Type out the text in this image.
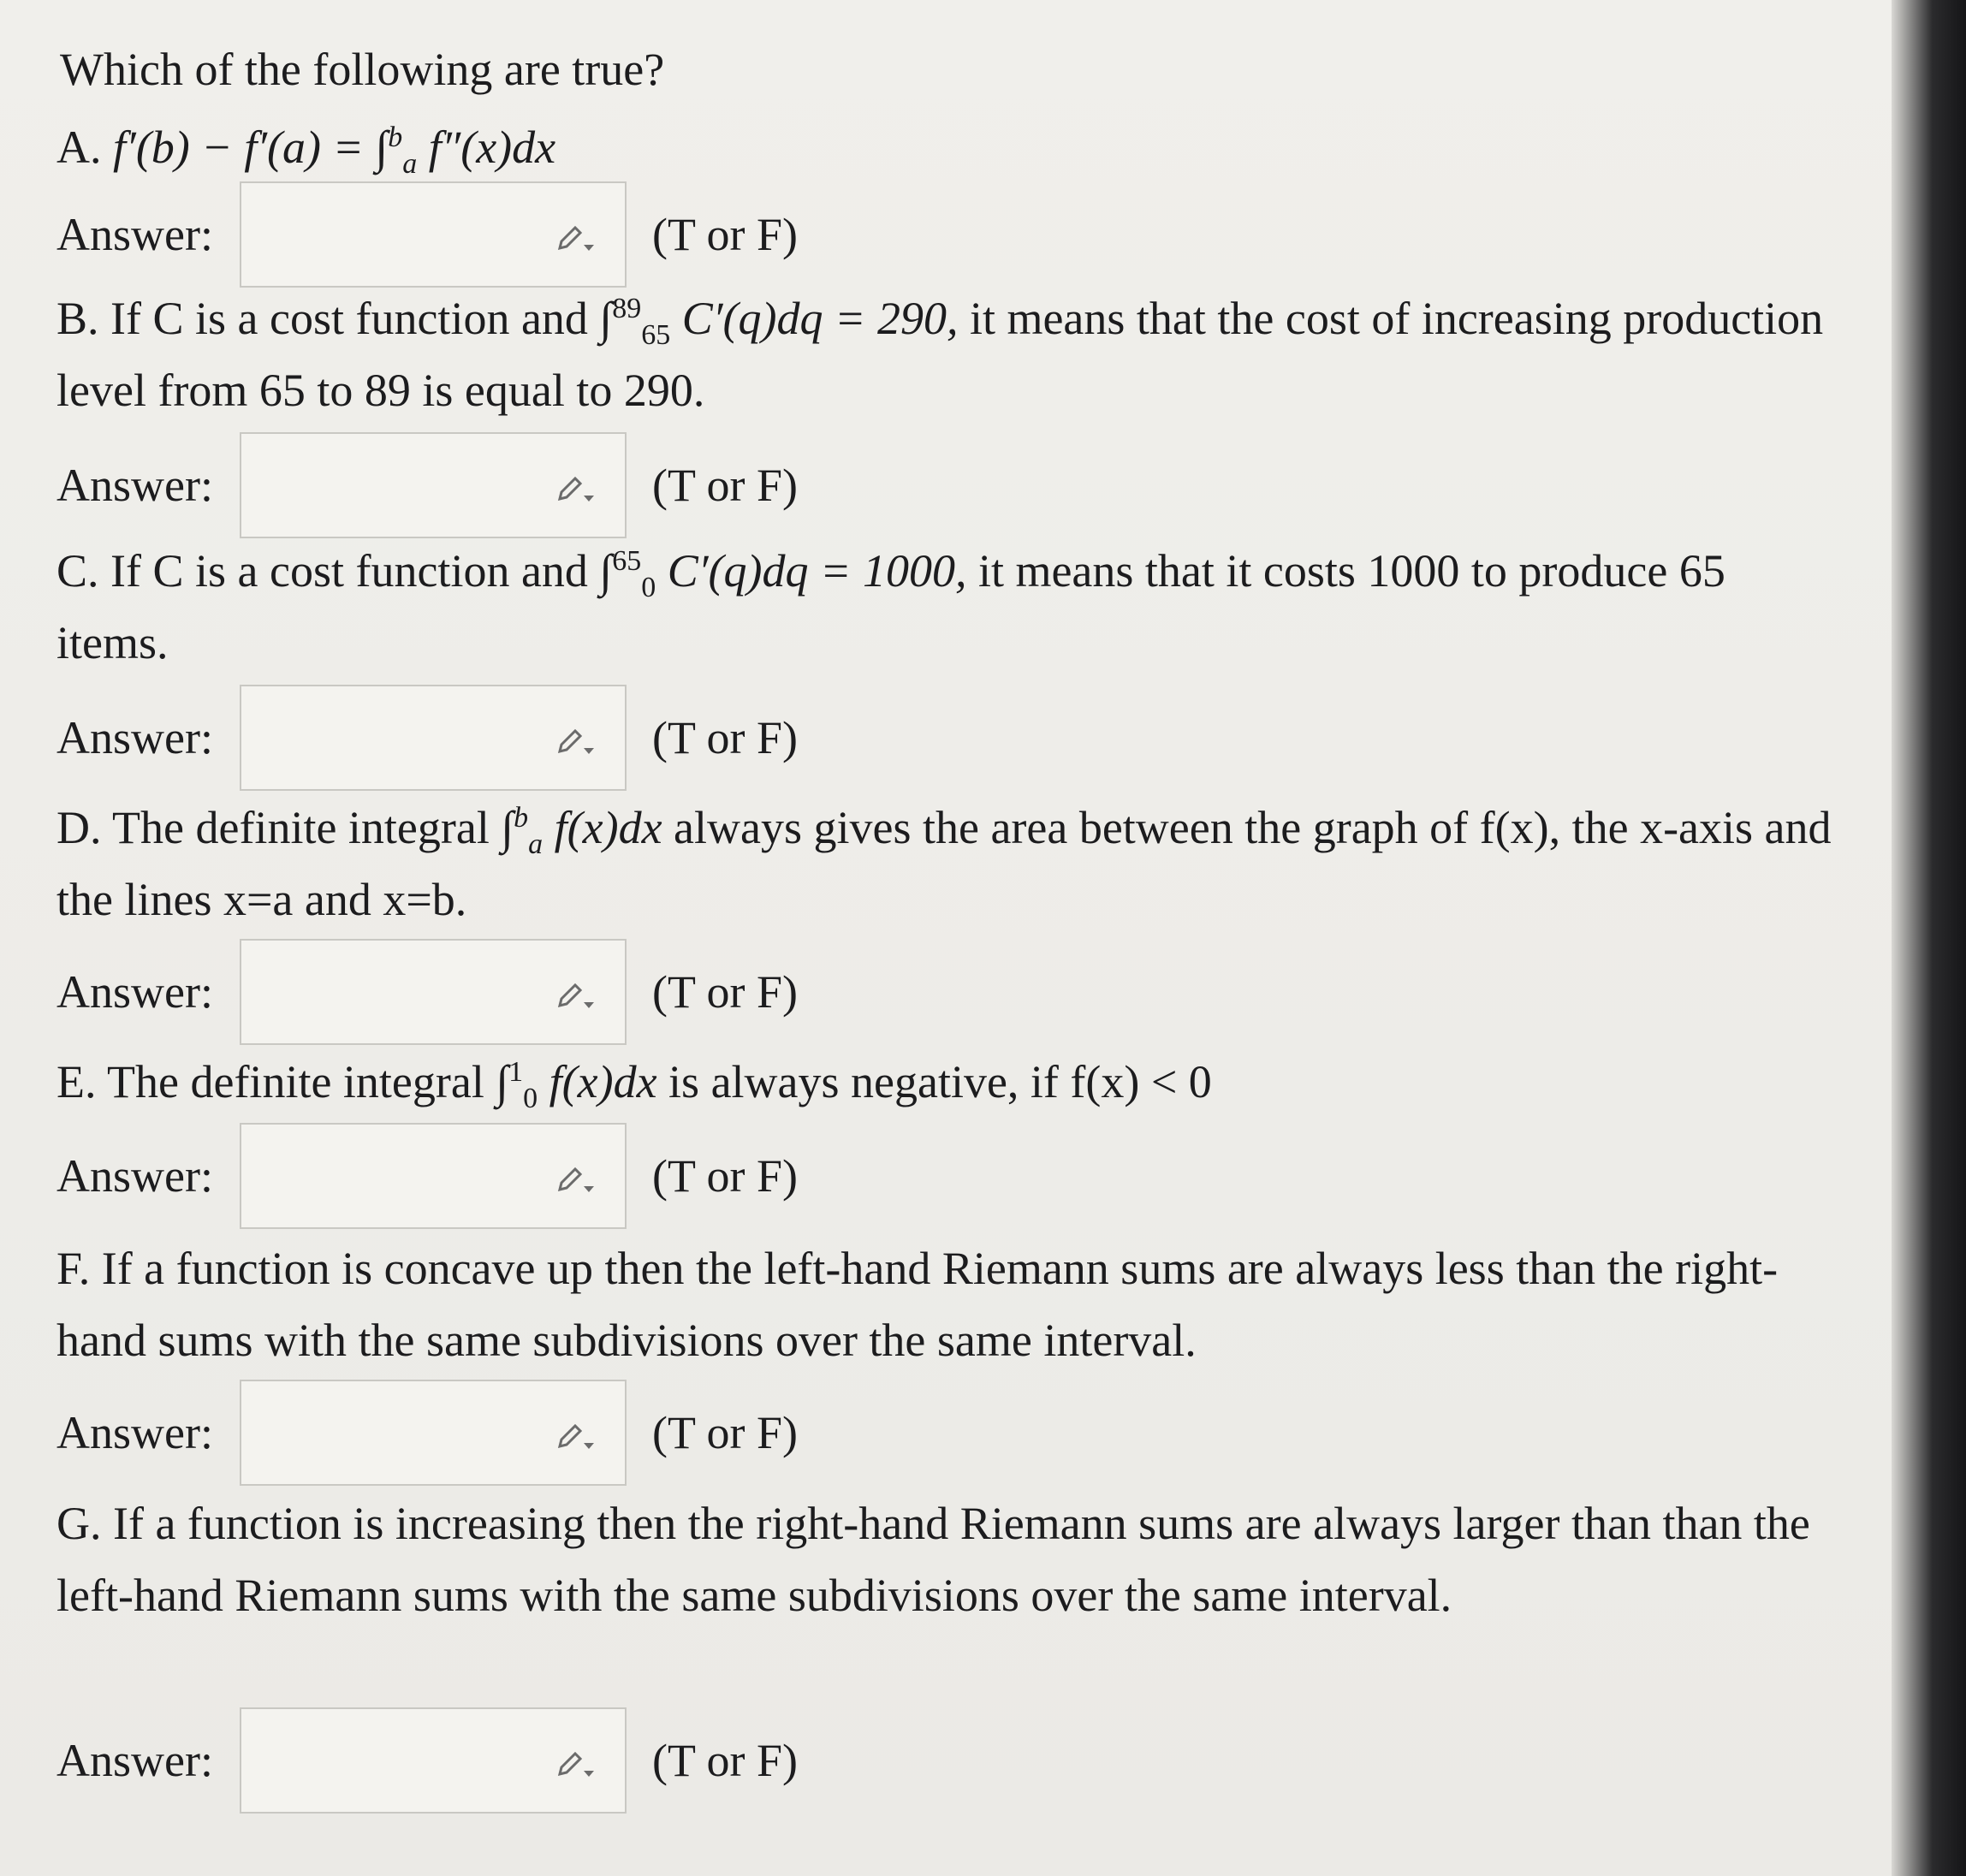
Which of the following are true?
A. f′(b) − f′(a) = ∫$^b_a$ f″(x)dx
Answer:	(T or F)
B. If C is a cost function and ∫$^{89}_{65}$ C′(q)dq = 290, it means that the cost of increasing production level from 65 to 89 is equal to 290.
Answer:	(T or F)
C. If C is a cost function and ∫$^{65}_0$ C′(q)dq = 1000, it means that it costs 1000 to produce 65 items.
Answer:	(T or F)
D. The definite integral ∫$^b_a$ f(x)dx always gives the area between the graph of f(x), the x-axis and the lines x=a and x=b.
Answer:	(T or F)
E. The definite integral ∫$^1_0$ f(x)dx is always negative, if f(x) < 0
Answer:	(T or F)
F. If a function is concave up then the left-hand Riemann sums are always less than the right-hand sums with the same subdivisions over the same interval.
Answer:	(T or F)
G. If a function is increasing then the right-hand Riemann sums are always larger than than the left-hand Riemann sums with the same subdivisions over the same interval.
Answer:	(T or F)
